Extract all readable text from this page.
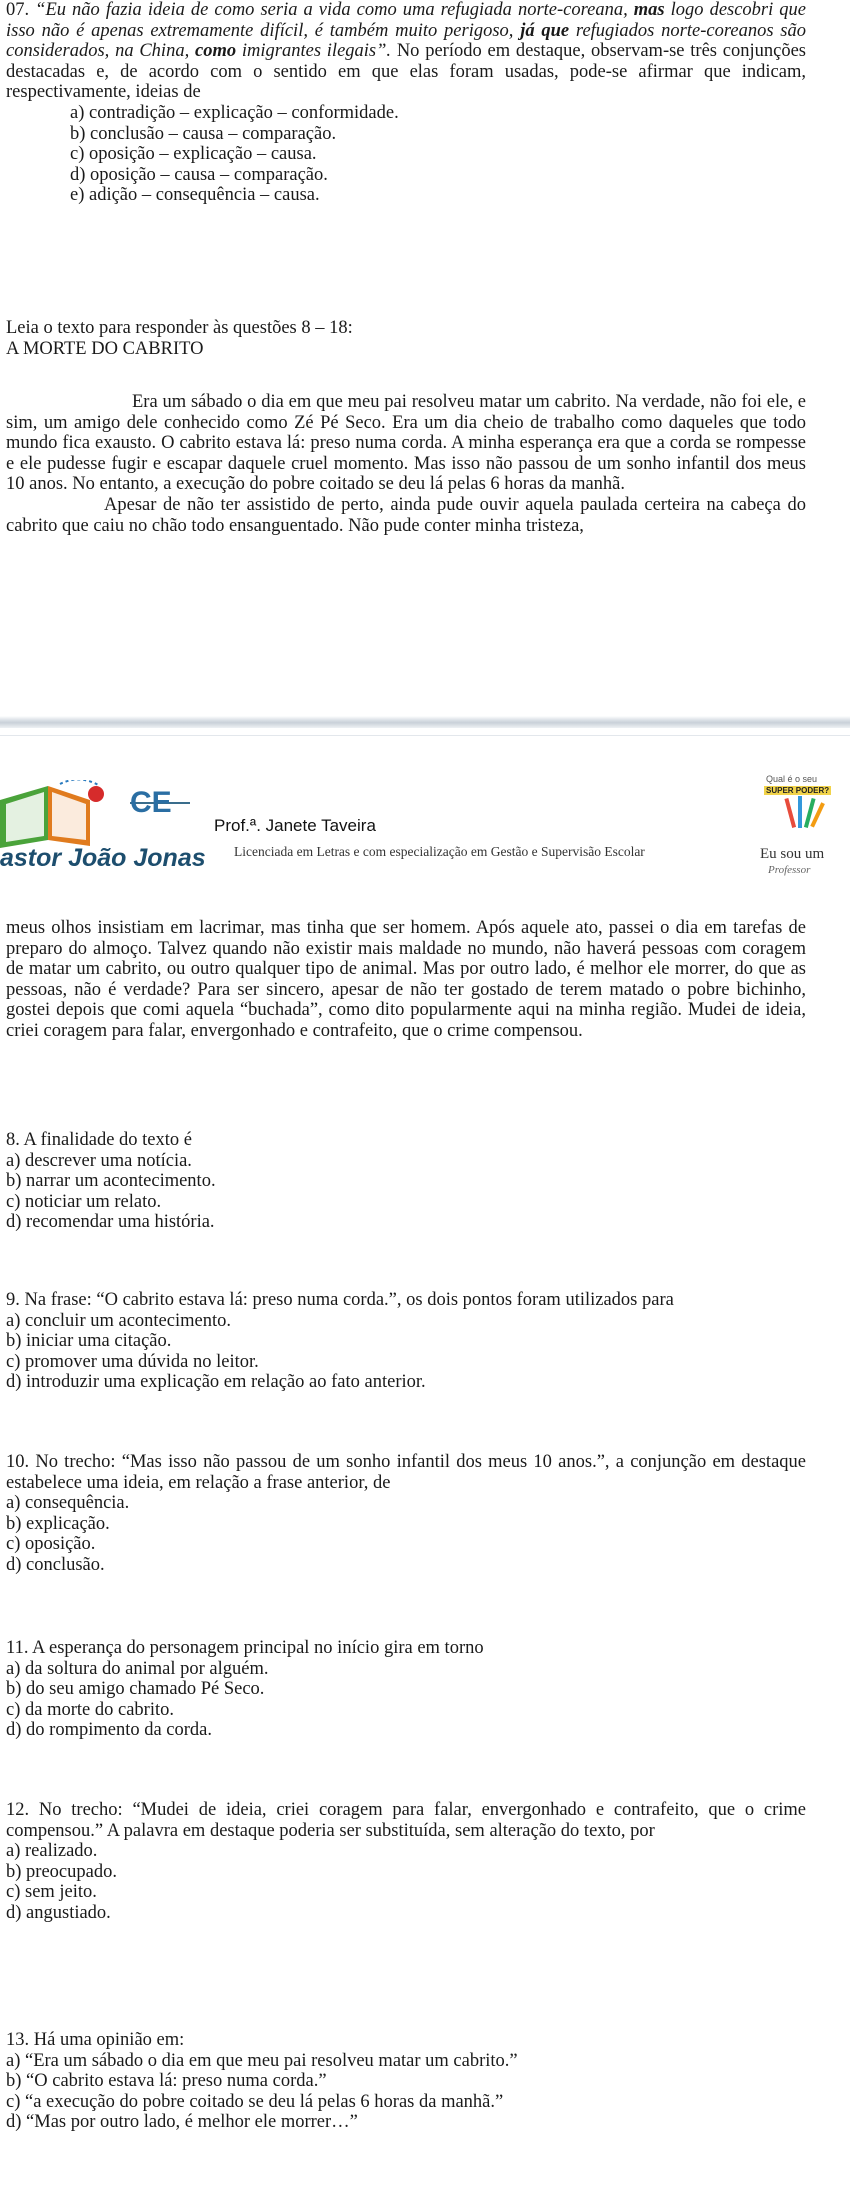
07. “Eu não fazia ideia de como seria a vida como uma refugiada norte-coreana, mas logo descobri que isso não é apenas extremamente difícil, é também muito perigoso, já que refugiados norte-coreanos são considerados, na China, como imigrantes ilegais”. No período em destaque, observam-se três conjunções destacadas e, de acordo com o sentido em que elas foram usadas, pode-se afirmar que indicam, respectivamente, ideias de

a) contradição – explicação – conformidade.

b) conclusão – causa – comparação.

c) oposição – explicação – causa.

d) oposição – causa – comparação.

e) adição – consequência – causa.

Leia o texto para responder às questões 8 – 18:
A MORTE DO CABRITO

Era um sábado o dia em que meu pai resolveu matar um cabrito. Na verdade, não foi ele, e sim, um amigo dele conhecido como Zé Pé Seco. Era um dia cheio de trabalho como daqueles que todo mundo fica exausto. O cabrito estava lá: preso numa corda. A minha esperança era que a corda se rompesse e ele pudesse fugir e escapar daquele cruel momento. Mas isso não passou de um sonho infantil dos meus 10 anos. No entanto, a execução do pobre coitado se deu lá pelas 6 horas da manhã.

Apesar de não ter assistido de perto, ainda pude ouvir aquela paulada certeira na cabeça do cabrito que caiu no chão todo ensanguentado. Não pude conter minha tristeza,

CE
astor João Jonas
Prof.ª. Janete Taveira
Licenciada em Letras e com especialização em Gestão e Supervisão Escolar
Qual é o seu
SUPER PODER?
Eu sou um
Professor
meus olhos insistiam em lacrimar, mas tinha que ser homem. Após aquele ato, passei o dia em tarefas de preparo do almoço. Talvez quando não existir mais maldade no mundo, não haverá pessoas com coragem de matar um cabrito, ou outro qualquer tipo de animal. Mas por outro lado, é melhor ele morrer, do que as pessoas, não é verdade? Para ser sincero, apesar de não ter gostado de terem matado o pobre bichinho, gostei depois que comi aquela “buchada”, como dito popularmente aqui na minha região. Mudei de ideia, criei coragem para falar, envergonhado e contrafeito, que o crime compensou.

8. A finalidade do texto é

a) descrever uma notícia.

b) narrar um acontecimento.

c) noticiar um relato.

d) recomendar uma história.

9. Na frase: “O cabrito estava lá: preso numa corda.”, os dois pontos foram utilizados para

a) concluir um acontecimento.

b) iniciar uma citação.

c) promover uma dúvida no leitor.

d) introduzir uma explicação em relação ao fato anterior.

10. No trecho: “Mas isso não passou de um sonho infantil dos meus 10 anos.”, a conjunção em destaque estabelece uma ideia, em relação a frase anterior, de

a) consequência.

b) explicação.

c) oposição.

d) conclusão.

11. A esperança do personagem principal no início gira em torno

a) da soltura do animal por alguém.

b) do seu amigo chamado Pé Seco.

c) da morte do cabrito.

d) do rompimento da corda.

12. No trecho: “Mudei de ideia, criei coragem para falar, envergonhado e contrafeito, que o crime compensou.” A palavra em destaque poderia ser substituída, sem alteração do texto, por

a) realizado.

b) preocupado.

c) sem jeito.

d) angustiado.

13. Há uma opinião em:

a) “Era um sábado o dia em que meu pai resolveu matar um cabrito.”

b) “O cabrito estava lá: preso numa corda.”

c) “a execução do pobre coitado se deu lá pelas 6 horas da manhã.”

d) “Mas por outro lado, é melhor ele morrer…”
